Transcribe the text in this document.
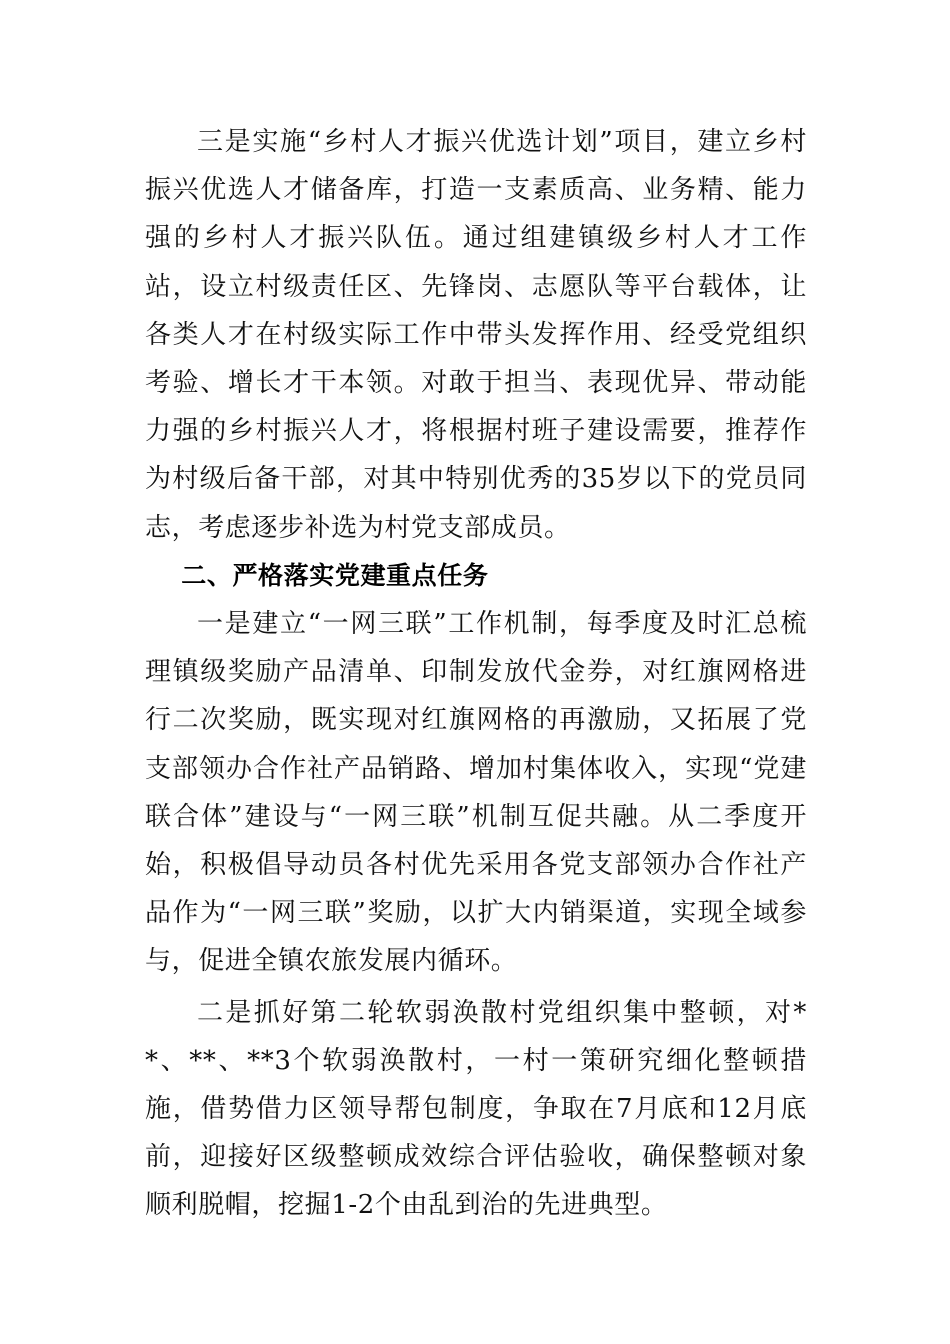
三是实施“乡村人才振兴优选计划”项目，建立乡村振兴优选人才储备库，打造一支素质高、业务精、能力强的乡村人才振兴队伍。通过组建镇级乡村人才工作站，设立村级责任区、先锋岗、志愿队等平台载体，让各类人才在村级实际工作中带头发挥作用、经受党组织考验、增长才干本领。对敢于担当、表现优异、带动能力强的乡村振兴人才，将根据村班子建设需要，推荐作为村级后备干部，对其中特别优秀的35岁以下的党员同志，考虑逐步补选为村党支部成员。

二、严格落实党建重点任务

一是建立“一网三联”工作机制，每季度及时汇总梳理镇级奖励产品清单、印制发放代金券，对红旗网格进行二次奖励，既实现对红旗网格的再激励，又拓展了党支部领办合作社产品销路、增加村集体收入，实现“党建联合体”建设与“一网三联”机制互促共融。从二季度开始，积极倡导动员各村优先采用各党支部领办合作社产品作为“一网三联”奖励，以扩大内销渠道，实现全域参与，促进全镇农旅发展内循环。

二是抓好第二轮软弱涣散村党组织集中整顿，对**、**、**3个软弱涣散村，一村一策研究细化整顿措施，借势借力区领导帮包制度，争取在7月底和12月底前，迎接好区级整顿成效综合评估验收，确保整顿对象顺利脱帽，挖掘1-2个由乱到治的先进典型。
